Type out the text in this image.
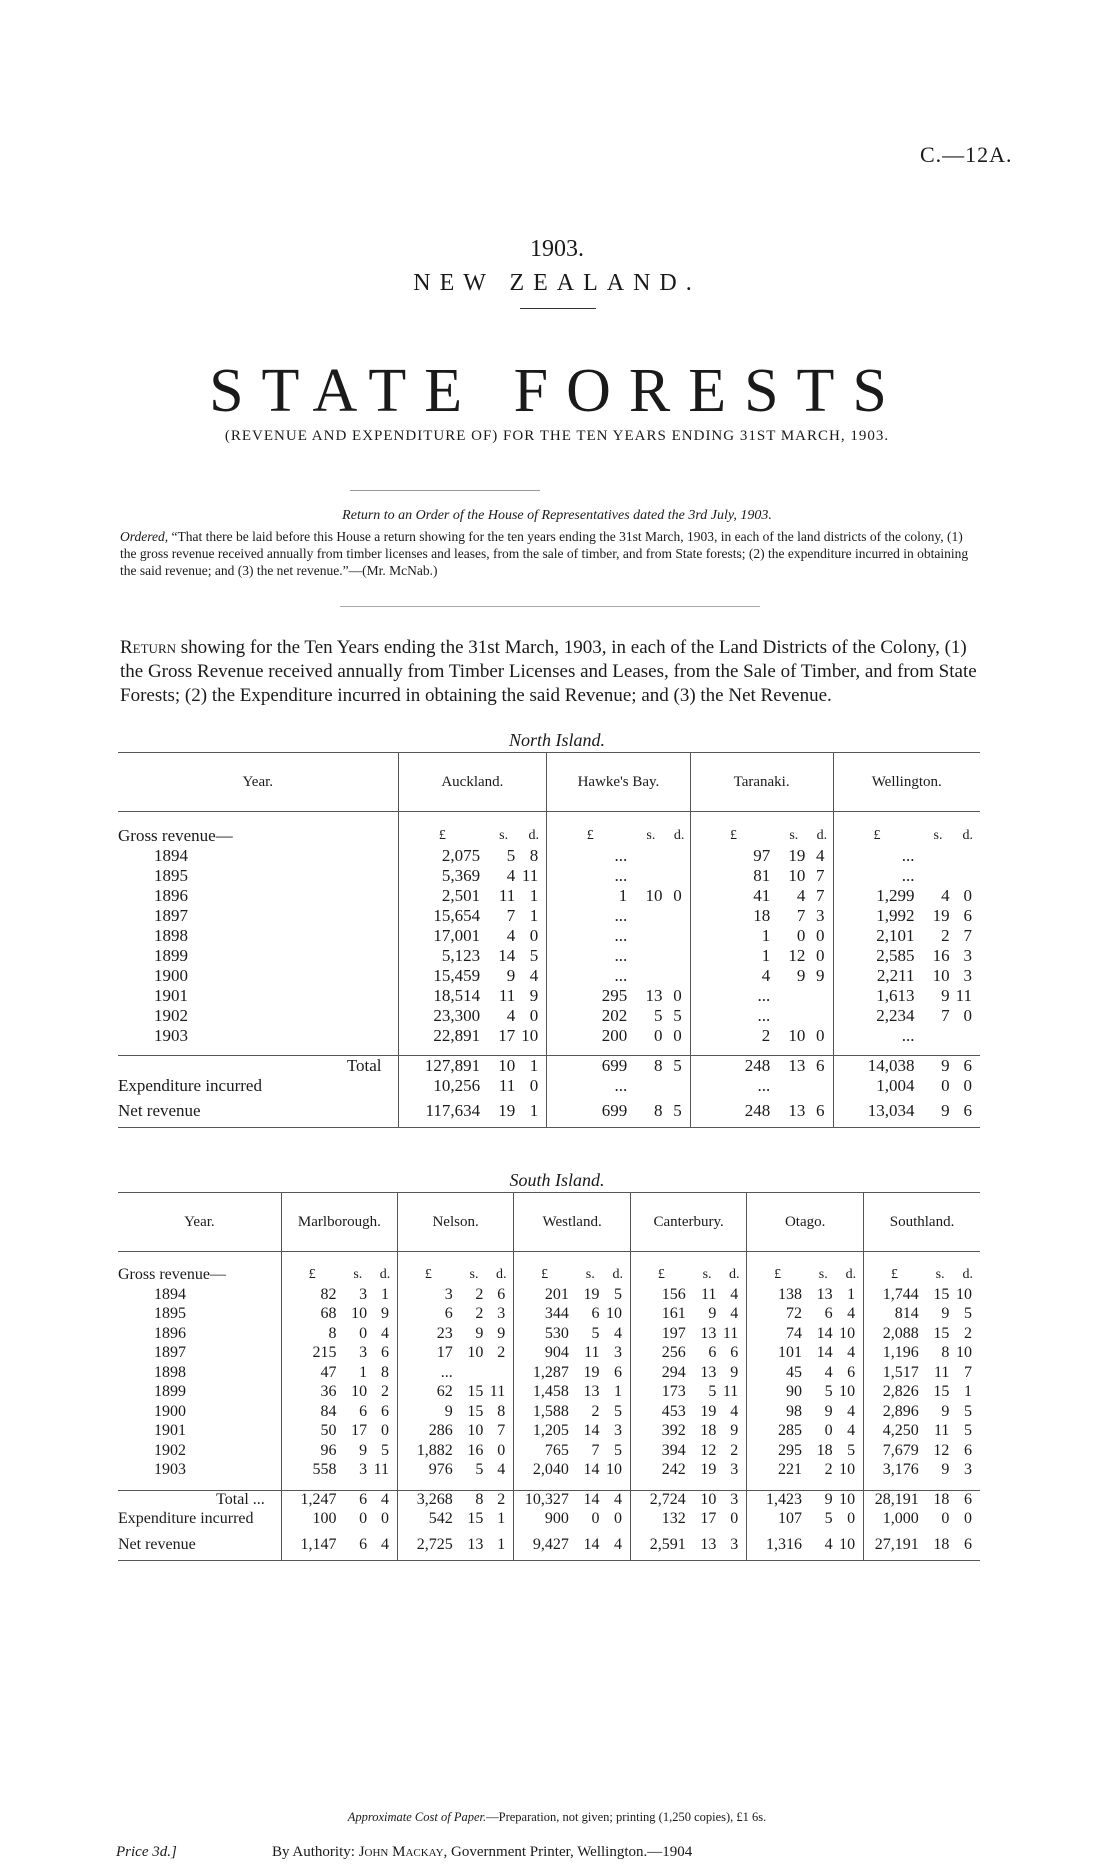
C.—12A.
1903.
NEW ZEALAND.
STATE FORESTS
(REVENUE AND EXPENDITURE OF) FOR THE TEN YEARS ENDING 31ST MARCH, 1903.
Return to an Order of the House of Representatives dated the 3rd July, 1903.
Ordered, “That there be laid before this House a return showing for the ten years ending the 31st March, 1903, in each of the land districts of the colony, (1) the gross revenue received annually from timber licenses and leases, from the sale of timber, and from State forests; (2) the expenditure incurred in obtaining the said revenue; and (3) the net revenue.”—(Mr. McNab.)
Return showing for the Ten Years ending the 31st March, 1903, in each of the Land Districts of the Colony, (1) the Gross Revenue received annually from Timber Licenses and Leases, from the Sale of Timber, and from State Forests; (2) the Expenditure incurred in obtaining the said Revenue; and (3) the Net Revenue.
North Island.
Year.	Auckland.			Hawke's Bay.			Taranaki.			Wellington.		

Gross revenue—	£	s.	d.	£	s.	d.	£	s.	d.	£	s.	d.
1894	2,075	5	8	...			97	19	4	...		
1895	5,369	4	11	...			81	10	7	...		
1896	2,501	11	1	1	10	0	41	4	7	1,299	4	0
1897	15,654	7	1	...			18	7	3	1,992	19	6
1898	17,001	4	0	...			1	0	0	2,101	2	7
1899	5,123	14	5	...			1	12	0	2,585	16	3
1900	15,459	9	4	...			4	9	9	2,211	10	3
1901	18,514	11	9	295	13	0	...			1,613	9	11
1902	23,300	4	0	202	5	5	...			2,234	7	0
1903	22,891	17	10	200	0	0	2	10	0	...		

Total	127,891	10	1	699	8	5	248	13	6	14,038	9	6
Expenditure incurred	10,256	11	0	...			...			1,004	0	0
Net revenue	117,634	19	1	699	8	5	248	13	6	13,034	9	6
South Island.
Year.	Marlborough.			Nelson.			Westland.			Canterbury.			Otago.			Southland.		

Gross revenue—	£	s.	d.	£	s.	d.	£	s.	d.	£	s.	d.	£	s.	d.	£	s.	d.
1894	82	3	1	3	2	6	201	19	5	156	11	4	138	13	1	1,744	15	10
1895	68	10	9	6	2	3	344	6	10	161	9	4	72	6	4	814	9	5
1896	8	0	4	23	9	9	530	5	4	197	13	11	74	14	10	2,088	15	2
1897	215	3	6	17	10	2	904	11	3	256	6	6	101	14	4	1,196	8	10
1898	47	1	8	...			1,287	19	6	294	13	9	45	4	6	1,517	11	7
1899	36	10	2	62	15	11	1,458	13	1	173	5	11	90	5	10	2,826	15	1
1900	84	6	6	9	15	8	1,588	2	5	453	19	4	98	9	4	2,896	9	5
1901	50	17	0	286	10	7	1,205	14	3	392	18	9	285	0	4	4,250	11	5
1902	96	9	5	1,882	16	0	765	7	5	394	12	2	295	18	5	7,679	12	6
1903	558	3	11	976	5	4	2,040	14	10	242	19	3	221	2	10	3,176	9	3

Total ...	1,247	6	4	3,268	8	2	10,327	14	4	2,724	10	3	1,423	9	10	28,191	18	6
Expenditure incurred	100	0	0	542	15	1	900	0	0	132	17	0	107	5	0	1,000	0	0
Net revenue	1,147	6	4	2,725	13	1	9,427	14	4	2,591	13	3	1,316	4	10	27,191	18	6
Approximate Cost of Paper.—Preparation, not given; printing (1,250 copies), £1 6s.
Price 3d.]	By Authority: John Mackay, Government Printer, Wellington.—1904
